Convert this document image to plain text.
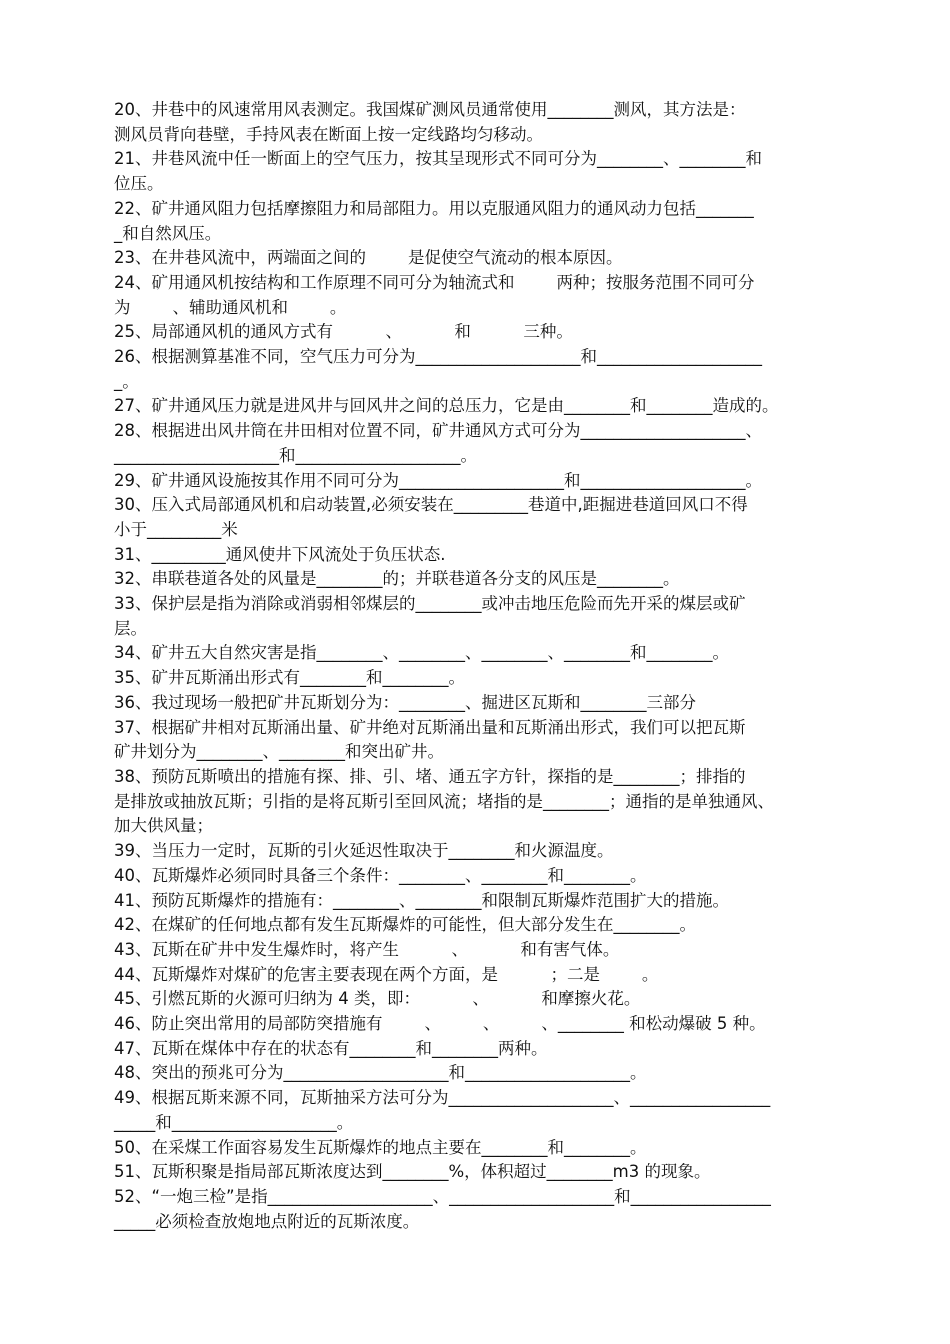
20、井巷中的风速常用风表测定。我国煤矿测风员通常使用________测风，其方法是：
测风员背向巷壁，手持风表在断面上按一定线路均匀移动。
21、井巷风流中任一断面上的空气压力，按其呈现形式不同可分为________、________和
位压。
22、矿井通风阻力包括摩擦阻力和局部阻力。用以克服通风阻力的通风动力包括_______
_和自然风压。
23、在井巷风流中，两端面之间的        是促使空气流动的根本原因。
24、矿用通风机按结构和工作原理不同可分为轴流式和        两种；按服务范围不同可分
为        、辅助通风机和        。
25、局部通风机的通风方式有          、          和          三种。
26、根据测算基准不同，空气压力可分为____________________和____________________
_。
27、矿井通风压力就是进风井与回风井之间的总压力，它是由________和________造成的。
28、根据进出风井筒在井田相对位置不同，矿井通风方式可分为____________________、
____________________和____________________。
29、矿井通风设施按其作用不同可分为____________________和____________________。
30、压入式局部通风机和启动装置,必须安装在_________巷道中,距掘进巷道回风口不得
小于_________米
31、_________通风使井下风流处于负压状态.
32、串联巷道各处的风量是________的；并联巷道各分支的风压是________。
33、保护层是指为消除或消弱相邻煤层的________或冲击地压危险而先开采的煤层或矿
层。
34、矿井五大自然灾害是指________、________、________、________和________。
35、矿井瓦斯涌出形式有________和________。
36、我过现场一般把矿井瓦斯划分为：________、掘进区瓦斯和________三部分
37、根据矿井相对瓦斯涌出量、矿井绝对瓦斯涌出量和瓦斯涌出形式，我们可以把瓦斯
矿井划分为________、________和突出矿井。
38、预防瓦斯喷出的措施有探、排、引、堵、通五字方针，探指的是________；排指的
是排放或抽放瓦斯；引指的是将瓦斯引至回风流；堵指的是________；通指的是单独通风、
加大供风量；
39、当压力一定时，瓦斯的引火延迟性取决于________和火源温度。
40、瓦斯爆炸必须同时具备三个条件：________、________和________。
41、预防瓦斯爆炸的措施有：________、________和限制瓦斯爆炸范围扩大的措施。
42、在煤矿的任何地点都有发生瓦斯爆炸的可能性，但大部分发生在________。
43、瓦斯在矿井中发生爆炸时，将产生          、          和有害气体。
44、瓦斯爆炸对煤矿的危害主要表现在两个方面，是          ；二是        。
45、引燃瓦斯的火源可归纳为 4 类，即：          、          和摩擦火花。
46、防止突出常用的局部防突措施有        、        、        、________ 和松动爆破 5 种。
47、瓦斯在煤体中存在的状态有________和________两种。
48、突出的预兆可分为____________________和____________________。
49、根据瓦斯来源不同，瓦斯抽采方法可分为____________________、_________________
_____和____________________。
50、在采煤工作面容易发生瓦斯爆炸的地点主要在________和________。
51、瓦斯积聚是指局部瓦斯浓度达到________%，体积超过________m3 的现象。
52、“一炮三检”是指____________________、____________________和_________________
_____必须检查放炮地点附近的瓦斯浓度。
